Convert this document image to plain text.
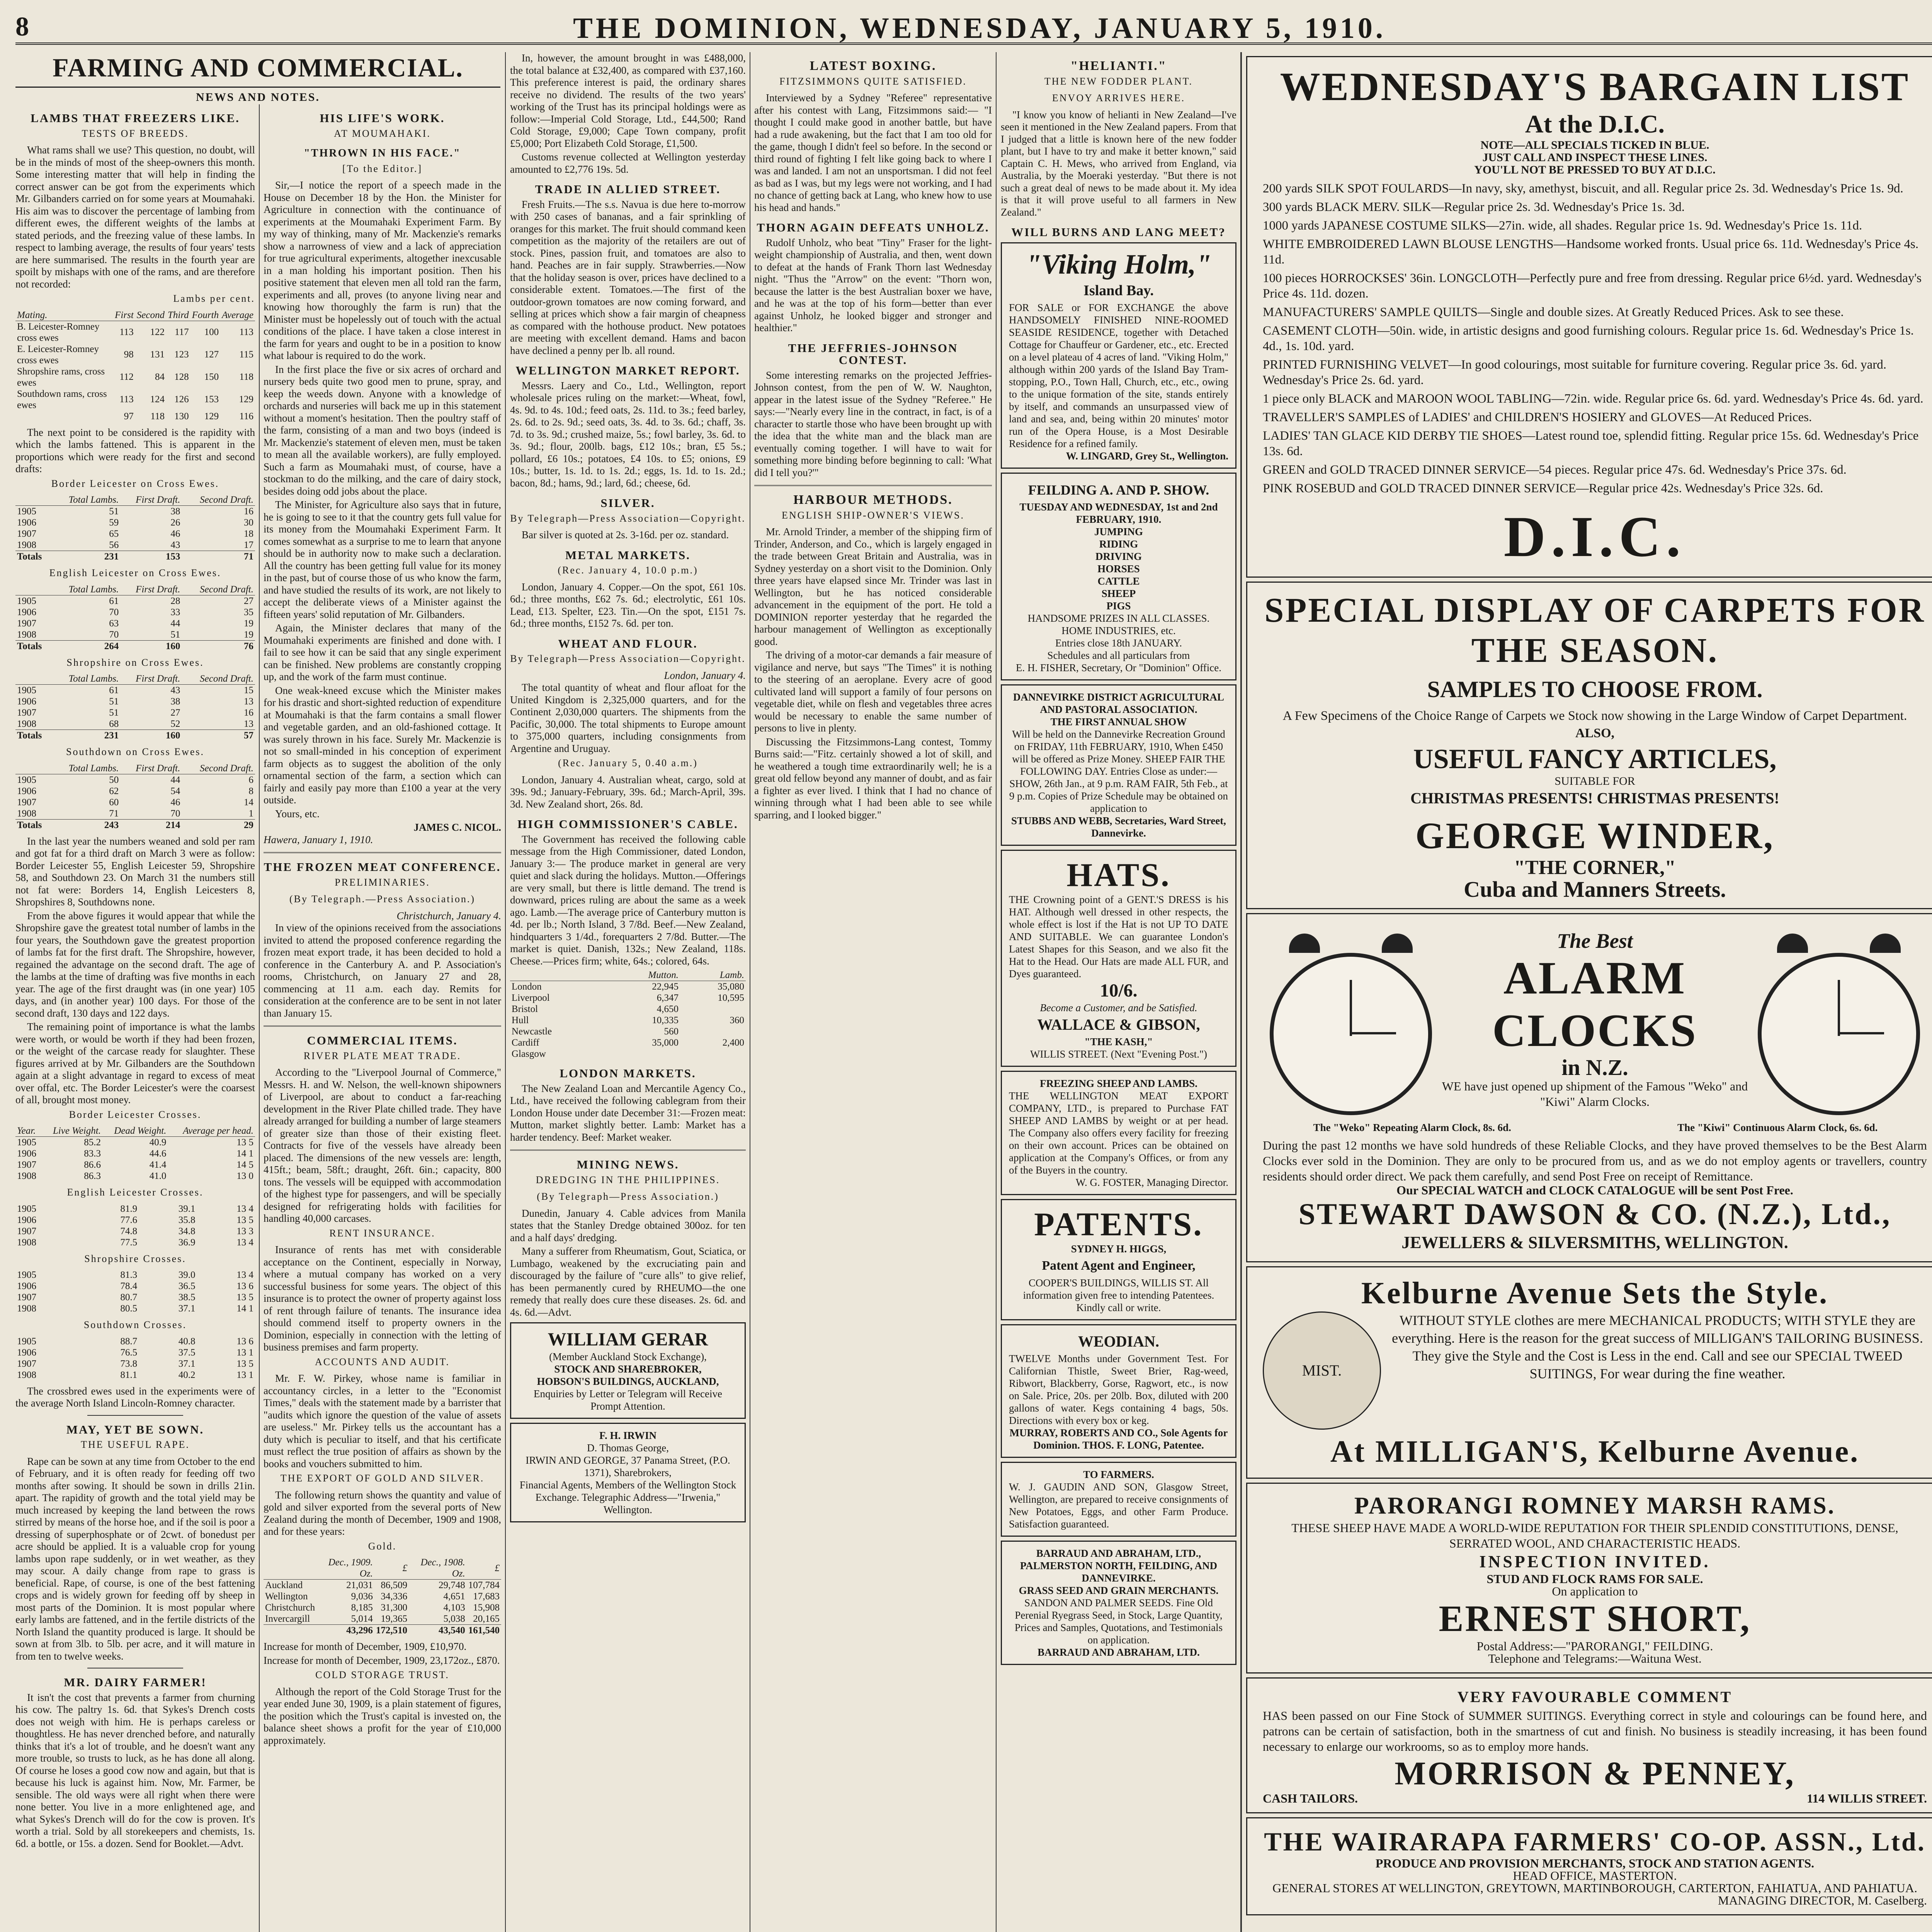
8	THE DOMINION, WEDNESDAY, JANUARY 5, 1910.
FARMING AND COMMERCIAL.
NEWS AND NOTES.
LAMBS THAT FREEZERS LIKE.
TESTS OF BREEDS.

What rams shall we use? This question, no doubt, will be in the minds of most of the sheep-owners this month. Some interesting matter that will help in finding the correct answer can be got from the experiments which Mr. Gilbanders carried on for some years at Moumahaki. His aim was to discover the percentage of lambing from different ewes, the different weights of the lambs at stated periods, and the freezing value of these lambs. In respect to lambing average, the results of four years' tests are here summarised. The results in the fourth year are spoilt by mishaps with one of the rams, and are therefore not recorded:

Lambs per cent.
Mating.	First	Second	Third	Fourth	Average
B. Leicester-Romney cross ewes	113	122	117	100	113
E. Leicester-Romney cross ewes	98	131	123	127	115
Shropshire rams, cross ewes	112	84	128	150	118
Southdown rams, cross ewes	113	124	126	153	129
	97	118	130	129	116

The next point to be considered is the rapidity with which the lambs fattened. This is apparent in the proportions which were ready for the first and second drafts:

Border Leicester on Cross Ewes.
	Total Lambs.	First Draft.	Second Draft.
1905	51	38	16
1906	59	26	30
1907	65	46	18
1908	56	43	17
Totals	231	153	71
English Leicester on Cross Ewes.
	Total Lambs.	First Draft.	Second Draft.
1905	61	28	27
1906	70	33	35
1907	63	44	19
1908	70	51	19
Totals	264	160	76
Shropshire on Cross Ewes.
	Total Lambs.	First Draft.	Second Draft.
1905	61	43	15
1906	51	38	13
1907	51	27	16
1908	68	52	13
Totals	231	160	57
Southdown on Cross Ewes.
	Total Lambs.	First Draft.	Second Draft.
1905	50	44	6
1906	62	54	8
1907	60	46	14
1908	71	70	1
Totals	243	214	29

In the last year the numbers weaned and sold per ram and got fat for a third draft on March 3 were as follow: Border Leicester 55, English Leicester 59, Shropshire 58, and Southdown 23. On March 31 the numbers still not fat were: Borders 14, English Leicesters 8, Shropshires 8, Southdowns none.

From the above figures it would appear that while the Shropshire gave the greatest total number of lambs in the four years, the Southdown gave the greatest proportion of lambs fat for the first draft. The Shropshire, however, regained the advantage on the second draft. The age of the lambs at the time of drafting was five months in each year. The age of the first draught was (in one year) 105 days, and (in another year) 100 days. For those of the second draft, 130 days and 122 days.

The remaining point of importance is what the lambs were worth, or would be worth if they had been frozen, or the weight of the carcase ready for slaughter. These figures arrived at by Mr. Gilbanders are the Southdown again at a slight advantage in regard to excess of meat over offal, etc. The Border Leicester's were the coarsest of all, brought most money.

Border Leicester Crosses.
Year.	Live Weight.	Dead Weight.	Average per head.
1905	85.2	40.9	13 5
1906	83.3	44.6	14 1
1907	86.6	41.4	14 5
1908	86.3	41.0	13 0
English Leicester Crosses.

1905	81.9	39.1	13 4
1906	77.6	35.8	13 5
1907	74.8	34.8	13 3
1908	77.5	36.9	13 4
Shropshire Crosses.

1905	81.3	39.0	13 4
1906	78.4	36.5	13 6
1907	80.7	38.5	13 5
1908	80.5	37.1	14 1
Southdown Crosses.

1905	88.7	40.8	13 6
1906	76.5	37.5	13 1
1907	73.8	37.1	13 5
1908	81.1	40.2	13 1

The crossbred ewes used in the experiments were of the average North Island Lincoln-Romney character.

MAY, YET BE SOWN.
THE USEFUL RAPE.

Rape can be sown at any time from October to the end of February, and it is often ready for feeding off two months after sowing. It should be sown in drills 21in. apart. The rapidity of growth and the total yield may be much increased by keeping the land between the rows stirred by means of the horse hoe, and if the soil is poor a dressing of superphosphate or of 2cwt. of bonedust per acre should be applied. It is a valuable crop for young lambs upon rape suddenly, or in wet weather, as they may scour. A daily change from rape to grass is beneficial. Rape, of course, is one of the best fattening crops and is widely grown for feeding off by sheep in most parts of the Dominion. It is most popular where early lambs are fattened, and in the fertile districts of the North Island the quantity produced is large. It should be sown at from 3lb. to 5lb. per acre, and it will mature in from ten to twelve weeks.

MR. DAIRY FARMER!

It isn't the cost that prevents a farmer from churning his cow. The paltry 1s. 6d. that Sykes's Drench costs does not weigh with him. He is perhaps careless or thoughtless. He has never drenched before, and naturally thinks that it's a lot of trouble, and he doesn't want any more trouble, so trusts to luck, as he has done all along. Of course he loses a good cow now and again, but that is because his luck is against him. Now, Mr. Farmer, be sensible. The old ways were all right when there were none better. You live in a more enlightened age, and what Sykes's Drench will do for the cow is proven. It's worth a trial. Sold by all storekeepers and chemists, 1s. 6d. a bottle, or 15s. a dozen. Send for Booklet.—Advt.

HIS LIFE'S WORK.
AT MOUMAHAKI.
"THROWN IN HIS FACE."
[To the Editor.]

Sir,—I notice the report of a speech made in the House on December 18 by the Hon. the Minister for Agriculture in connection with the continuance of experiments at the Moumahaki Experiment Farm. By my way of thinking, many of Mr. Mackenzie's remarks show a narrowness of view and a lack of appreciation for true agricultural experiments, altogether inexcusable in a man holding his important position. Then his positive statement that eleven men all told ran the farm, experiments and all, proves (to anyone living near and knowing how thoroughly the farm is run) that the Minister must be hopelessly out of touch with the actual conditions of the place. I have taken a close interest in the farm for years and ought to be in a position to know what labour is required to do the work.

In the first place the five or six acres of orchard and nursery beds quite two good men to prune, spray, and keep the weeds down. Anyone with a knowledge of orchards and nurseries will back me up in this statement without a moment's hesitation. Then the poultry staff of the farm, consisting of a man and two boys (indeed is Mr. Mackenzie's statement of eleven men, must be taken to mean all the available workers), are fully employed. Such a farm as Moumahaki must, of course, have a stockman to do the milking, and the care of dairy stock, besides doing odd jobs about the place.

The Minister, for Agriculture also says that in future, he is going to see to it that the country gets full value for its money from the Moumahaki Experiment Farm. It comes somewhat as a surprise to me to learn that anyone should be in authority now to make such a declaration. All the country has been getting full value for its money in the past, but of course those of us who know the farm, and have studied the results of its work, are not likely to accept the deliberate views of a Minister against the fifteen years' solid reputation of Mr. Gilbanders.

Again, the Minister declares that many of the Moumahaki experiments are finished and done with. I fail to see how it can be said that any single experiment can be finished. New problems are constantly cropping up, and the work of the farm must continue.

One weak-kneed excuse which the Minister makes for his drastic and short-sighted reduction of expenditure at Moumahaki is that the farm contains a small flower and vegetable garden, and an old-fashioned cottage. It was surely thrown in his face. Surely Mr. Mackenzie is not so small-minded in his conception of experiment farm objects as to suggest the abolition of the only ornamental section of the farm, a section which can fairly and easily pay more than £100 a year at the very outside.

Yours, etc.

JAMES C. NICOL.
Hawera, January 1, 1910.
THE FROZEN MEAT CONFERENCE.
PRELIMINARIES.
(By Telegraph.—Press Association.)
Christchurch, January 4.

In view of the opinions received from the associations invited to attend the proposed conference regarding the frozen meat export trade, it has been decided to hold a conference in the Canterbury A. and P. Association's rooms, Christchurch, on January 27 and 28, commencing at 11 a.m. each day. Remits for consideration at the conference are to be sent in not later than January 15.

COMMERCIAL ITEMS.
RIVER PLATE MEAT TRADE.

According to the "Liverpool Journal of Commerce," Messrs. H. and W. Nelson, the well-known shipowners of Liverpool, are about to conduct a far-reaching development in the River Plate chilled trade. They have already arranged for building a number of large steamers of greater size than those of their existing fleet. Contracts for five of the vessels have already been placed. The dimensions of the new vessels are: length, 415ft.; beam, 58ft.; draught, 26ft. 6in.; capacity, 800 tons. The vessels will be equipped with accommodation of the highest type for passengers, and will be specially designed for refrigerating holds with facilities for handling 40,000 carcases.

RENT INSURANCE.

Insurance of rents has met with considerable acceptance on the Continent, especially in Norway, where a mutual company has worked on a very successful business for some years. The object of this insurance is to protect the owner of property against loss of rent through failure of tenants. The insurance idea should commend itself to property owners in the Dominion, especially in connection with the letting of business premises and farm property.

ACCOUNTS AND AUDIT.

Mr. F. W. Pirkey, whose name is familiar in accountancy circles, in a letter to the "Economist Times," deals with the statement made by a barrister that "audits which ignore the question of the value of assets are useless." Mr. Pirkey tells us the accountant has a duty which is peculiar to itself, and that his certificate must reflect the true position of affairs as shown by the books and vouchers submitted to him.

THE EXPORT OF GOLD AND SILVER.

The following return shows the quantity and value of gold and silver exported from the several ports of New Zealand during the month of December, 1909 and 1908, and for these years:

Gold.
	Dec., 1909. Oz.	£	Dec., 1908. Oz.	£
Auckland	21,031	86,509	29,748	107,784
Wellington	9,036	34,336	4,651	17,683
Christchurch	8,185	31,300	4,103	15,908
Invercargill	5,014	19,365	5,038	20,165
	43,296	172,510	43,540	161,540

Increase for month of December, 1909, £10,970.

Increase for month of December, 1909, 23,172oz., £870.

COLD STORAGE TRUST.

Although the report of the Cold Storage Trust for the year ended June 30, 1909, is a plain statement of figures, the position which the Trust's capital is invested on, the balance sheet shows a profit for the year of £10,000 approximately.

In, however, the amount brought in was £488,000, the total balance at £32,400, as compared with £37,160. This preference interest is paid, the ordinary shares receive no dividend. The results of the two years' working of the Trust has its principal holdings were as follow:—Imperial Cold Storage, Ltd., £44,500; Rand Cold Storage, £9,000; Cape Town company, profit £5,000; Port Elizabeth Cold Storage, £1,500.

Customs revenue collected at Wellington yesterday amounted to £2,776 19s. 5d.

TRADE IN ALLIED STREET.

Fresh Fruits.—The s.s. Navua is due here to-morrow with 250 cases of bananas, and a fair sprinkling of oranges for this market. The fruit should command keen competition as the majority of the retailers are out of stock. Pines, passion fruit, and tomatoes are also to hand. Peaches are in fair supply. Strawberries.—Now that the holiday season is over, prices have declined to a considerable extent. Tomatoes.—The first of the outdoor-grown tomatoes are now coming forward, and selling at prices which show a fair margin of cheapness as compared with the hothouse product. New potatoes are meeting with excellent demand. Hams and bacon have declined a penny per lb. all round.

WELLINGTON MARKET REPORT.

Messrs. Laery and Co., Ltd., Wellington, report wholesale prices ruling on the market:—Wheat, fowl, 4s. 9d. to 4s. 10d.; feed oats, 2s. 11d. to 3s.; feed barley, 2s. 6d. to 2s. 9d.; seed oats, 3s. 4d. to 3s. 6d.; chaff, 3s. 7d. to 3s. 9d.; crushed maize, 5s.; fowl barley, 3s. 6d. to 3s. 9d.; flour, 200lb. bags, £12 10s.; bran, £5 5s.; pollard, £6 10s.; potatoes, £4 10s. to £5; onions, £9 10s.; butter, 1s. 1d. to 1s. 2d.; eggs, 1s. 1d. to 1s. 2d.; bacon, 8d.; hams, 9d.; lard, 6d.; cheese, 6d.

SILVER.
By Telegraph—Press Association—Copyright.

Bar silver is quoted at 2s. 3-16d. per oz. standard.

METAL MARKETS.
(Rec. January 4, 10.0 p.m.)

London, January 4. Copper.—On the spot, £61 10s. 6d.; three months, £62 7s. 6d.; electrolytic, £61 10s. Lead, £13. Spelter, £23. Tin.—On the spot, £151 7s. 6d.; three months, £152 7s. 6d. per ton.

WHEAT AND FLOUR.
By Telegraph—Press Association—Copyright.
London, January 4.

The total quantity of wheat and flour afloat for the United Kingdom is 2,325,000 quarters, and for the Continent 2,030,000 quarters. The shipments from the Pacific, 30,000. The total shipments to Europe amount to 375,000 quarters, including consignments from Argentine and Uruguay.

(Rec. January 5, 0.40 a.m.)

London, January 4. Australian wheat, cargo, sold at 39s. 9d.; January-February, 39s. 6d.; March-April, 39s. 3d. New Zealand short, 26s. 8d.

HIGH COMMISSIONER'S CABLE.

The Government has received the following cable message from the High Commissioner, dated London, January 3:— The produce market in general are very quiet and slack during the holidays. Mutton.—Offerings are very small, but there is little demand. The trend is downward, prices ruling are about the same as a week ago. Lamb.—The average price of Canterbury mutton is 4d. per lb.; North Island, 3 7/8d. Beef.—New Zealand, hindquarters 3 1/4d., forequarters 2 7/8d. Butter.—The market is quiet. Danish, 132s.; New Zealand, 118s. Cheese.—Prices firm; white, 64s.; colored, 64s.

	Mutton.	Lamb.
London	22,945	35,080
Liverpool	6,347	10,595
Bristol	4,650	
Hull	10,335	360
Newcastle	560	
Cardiff	35,000	2,400
Glasgow		
LONDON MARKETS.

The New Zealand Loan and Mercantile Agency Co., Ltd., have received the following cablegram from their London House under date December 31:—Frozen meat: Mutton, market slightly better. Lamb: Market has a harder tendency. Beef: Market weaker.

MINING NEWS.
DREDGING IN THE PHILIPPINES.
(By Telegraph—Press Association.)

Dunedin, January 4. Cable advices from Manila states that the Stanley Dredge obtained 300oz. for ten and a half days' dredging.

Many a sufferer from Rheumatism, Gout, Sciatica, or Lumbago, weakened by the excruciating pain and discouraged by the failure of "cure alls" to give relief, has been permanently cured by RHEUMO—the one remedy that really does cure these diseases. 2s. 6d. and 4s. 6d.—Advt.

WILLIAM GERAR
(Member Auckland Stock Exchange),
STOCK AND SHAREBROKER,
HOBSON'S BUILDINGS, AUCKLAND,
Enquiries by Letter or Telegram will Receive Prompt Attention.
F. H. IRWIN
D. Thomas George,
IRWIN AND GEORGE, 37 Panama Street, (P.O. 1371), Sharebrokers,
Financial Agents, Members of the Wellington Stock Exchange. Telegraphic Address—"Irwenia," Wellington.
LATEST BOXING.
FITZSIMMONS QUITE SATISFIED.

Interviewed by a Sydney "Referee" representative after his contest with Lang, Fitzsimmons said:— "I thought I could make good in another battle, but have had a rude awakening, but the fact that I am too old for the game, though I didn't feel so before. In the second or third round of fighting I felt like going back to where I was and landed. I am not an unsportsman. I did not feel as bad as I was, but my legs were not working, and I had no chance of getting back at Lang, who knew how to use his head and hands."

THORN AGAIN DEFEATS UNHOLZ.

Rudolf Unholz, who beat "Tiny" Fraser for the light-weight championship of Australia, and then, went down to defeat at the hands of Frank Thorn last Wednesday night. "Thus the "Arrow" on the event: "Thorn won, because the latter is the best Australian boxer we have, and he was at the top of his form—better than ever against Unholz, he looked bigger and stronger and healthier."

THE JEFFRIES-JOHNSON CONTEST.

Some interesting remarks on the projected Jeffries-Johnson contest, from the pen of W. W. Naughton, appear in the latest issue of the Sydney "Referee." He says:—"Nearly every line in the contract, in fact, is of a character to startle those who have been brought up with the idea that the white man and the black man are eventually coming together. I will have to wait for something more binding before beginning to call: 'What did I tell you?'"

HARBOUR METHODS.
ENGLISH SHIP-OWNER'S VIEWS.

Mr. Arnold Trinder, a member of the shipping firm of Trinder, Anderson, and Co., which is largely engaged in the trade between Great Britain and Australia, was in Sydney yesterday on a short visit to the Dominion. Only three years have elapsed since Mr. Trinder was last in Wellington, but he has noticed considerable advancement in the equipment of the port. He told a DOMINION reporter yesterday that he regarded the harbour management of Wellington as exceptionally good.

The driving of a motor-car demands a fair measure of vigilance and nerve, but says "The Times" it is nothing to the steering of an aeroplane. Every acre of good cultivated land will support a family of four persons on vegetable diet, while on flesh and vegetables three acres would be necessary to enable the same number of persons to live in plenty.

Discussing the Fitzsimmons-Lang contest, Tommy Burns said:—"Fitz. certainly showed a lot of skill, and he weathered a tough time extraordinarily well; he is a great old fellow beyond any manner of doubt, and as fair a fighter as ever lived. I think that I had no chance of winning through what I had been able to see while sparring, and I looked bigger."

"HELIANTI."
THE NEW FODDER PLANT.
ENVOY ARRIVES HERE.

"I know you know of helianti in New Zealand—I've seen it mentioned in the New Zealand papers. From that I judged that a little is known here of the new fodder plant, but I have to try and make it better known," said Captain C. H. Mews, who arrived from England, via Australia, by the Moeraki yesterday. "But there is not such a great deal of news to be made about it. My idea is that it will prove useful to all farmers in New Zealand."

WILL BURNS AND LANG MEET?
"Viking Holm,"
Island Bay.
FOR SALE or FOR EXCHANGE the above HANDSOMELY FINISHED NINE-ROOMED SEASIDE RESIDENCE, together with Detached Cottage for Chauffeur or Gardener, etc., etc. Erected on a level plateau of 4 acres of land. "Viking Holm," although within 200 yards of the Island Bay Tram-stopping, P.O., Town Hall, Church, etc., etc., owing to the unique formation of the site, stands entirely by itself, and commands an unsurpassed view of land and sea, and, being within 20 minutes' motor run of the Opera House, is a Most Desirable Residence for a refined family.
W. LINGARD, Grey St., Wellington.
FEILDING A. AND P. SHOW.
TUESDAY AND WEDNESDAY, 1st and 2nd FEBRUARY, 1910.
JUMPING
RIDING
DRIVING
HORSES
CATTLE
SHEEP
PIGS
HANDSOME PRIZES IN ALL CLASSES.
HOME INDUSTRIES, etc.
Entries close 18th JANUARY.
Schedules and all particulars from
E. H. FISHER, Secretary, Or "Dominion" Office.
DANNEVIRKE DISTRICT AGRICULTURAL AND PASTORAL ASSOCIATION.
THE FIRST ANNUAL SHOW
Will be held on the Dannevirke Recreation Ground on FRIDAY, 11th FEBRUARY, 1910, When £450 will be offered as Prize Money. SHEEP FAIR THE FOLLOWING DAY. Entries Close as under:— SHOW, 26th Jan., at 9 p.m. RAM FAIR, 5th Feb., at 9 p.m. Copies of Prize Schedule may be obtained on application to
STUBBS AND WEBB, Secretaries, Ward Street, Dannevirke.
HATS.
THE Crowning point of a GENT.'S DRESS is his HAT. Although well dressed in other respects, the whole effect is lost if the Hat is not UP TO DATE AND SUITABLE. We can guarantee London's Latest Shapes for this Season, and we also fit the Hat to the Head. Our Hats are made ALL FUR, and Dyes guaranteed.
10/6.
Become a Customer, and be Satisfied.
WALLACE & GIBSON,
"THE KASH,"
WILLIS STREET. (Next "Evening Post.")
FREEZING SHEEP AND LAMBS.
THE WELLINGTON MEAT EXPORT COMPANY, LTD., is prepared to Purchase FAT SHEEP AND LAMBS by weight or at per head. The Company also offers every facility for freezing on their own account. Prices can be obtained on application at the Company's Offices, or from any of the Buyers in the country.
W. G. FOSTER, Managing Director.
PATENTS.
SYDNEY H. HIGGS,
Patent Agent and Engineer,
COOPER'S BUILDINGS, WILLIS ST. All information given free to intending Patentees. Kindly call or write.
WEODIAN.
TWELVE Months under Government Test. For Californian Thistle, Sweet Brier, Rag-weed, Ribwort, Blackberry, Gorse, Ragwort, etc., is now on Sale. Price, 20s. per 20lb. Box, diluted with 200 gallons of water. Kegs containing 4 bags, 50s. Directions with every box or keg.
MURRAY, ROBERTS AND CO., Sole Agents for Dominion. THOS. F. LONG, Patentee.
TO FARMERS.
W. J. GAUDIN AND SON, Glasgow Street, Wellington, are prepared to receive consignments of New Potatoes, Eggs, and other Farm Produce. Satisfaction guaranteed.
BARRAUD AND ABRAHAM, LTD., PALMERSTON NORTH, FEILDING, AND DANNEVIRKE.
GRASS SEED AND GRAIN MERCHANTS.
SANDON AND PALMER SEEDS. Fine Old Perenial Ryegrass Seed, in Stock, Large Quantity, Prices and Samples, Quotations, and Testimonials on application.
BARRAUD AND ABRAHAM, LTD.
WEDNESDAY'S BARGAIN LIST
At the D.I.C.
NOTE—ALL SPECIALS TICKED IN BLUE.
JUST CALL AND INSPECT THESE LINES.
YOU'LL NOT BE PRESSED TO BUY AT D.I.C.
200 yards SILK SPOT FOULARDS—In navy, sky, amethyst, biscuit, and all. Regular price 2s. 3d. Wednesday's Price 1s. 9d.
300 yards BLACK MERV. SILK—Regular price 2s. 3d. Wednesday's Price 1s. 3d.
1000 yards JAPANESE COSTUME SILKS—27in. wide, all shades. Regular price 1s. 9d. Wednesday's Price 1s. 11d.
WHITE EMBROIDERED LAWN BLOUSE LENGTHS—Handsome worked fronts. Usual price 6s. 11d. Wednesday's Price 4s. 11d.
100 pieces HORROCKSES' 36in. LONGCLOTH—Perfectly pure and free from dressing. Regular price 6½d. yard. Wednesday's Price 4s. 11d. dozen.
MANUFACTURERS' SAMPLE QUILTS—Single and double sizes. At Greatly Reduced Prices. Ask to see these.
CASEMENT CLOTH—50in. wide, in artistic designs and good furnishing colours. Regular price 1s. 6d. Wednesday's Price 1s. 4d., 1s. 10d. yard.
PRINTED FURNISHING VELVET—In good colourings, most suitable for furniture covering. Regular price 3s. 6d. yard. Wednesday's Price 2s. 6d. yard.
1 piece only BLACK and MAROON WOOL TABLING—72in. wide. Regular price 6s. 6d. yard. Wednesday's Price 4s. 6d. yard.
TRAVELLER'S SAMPLES of LADIES' and CHILDREN'S HOSIERY and GLOVES—At Reduced Prices.
LADIES' TAN GLACE KID DERBY TIE SHOES—Latest round toe, splendid fitting. Regular price 15s. 6d. Wednesday's Price 13s. 6d.
GREEN and GOLD TRACED DINNER SERVICE—54 pieces. Regular price 47s. 6d. Wednesday's Price 37s. 6d.
PINK ROSEBUD and GOLD TRACED DINNER SERVICE—Regular price 42s. Wednesday's Price 32s. 6d.
D.I.C.
SPECIAL DISPLAY OF CARPETS FOR THE SEASON.
SAMPLES TO CHOOSE FROM.
A Few Specimens of the Choice Range of Carpets we Stock now showing in the Large Window of Carpet Department.
ALSO,
USEFUL FANCY ARTICLES,
SUITABLE FOR
CHRISTMAS PRESENTS! CHRISTMAS PRESENTS!
GEORGE WINDER,
"THE CORNER,"
Cuba and Manners Streets.
The Best
ALARM CLOCKS
in N.Z.
WE have just opened up shipment of the Famous "Weko" and "Kiwi" Alarm Clocks.
The "Weko" Repeating Alarm Clock, 8s. 6d.	The "Kiwi" Continuous Alarm Clock, 6s. 6d.
During the past 12 months we have sold hundreds of these Reliable Clocks, and they have proved themselves to be the Best Alarm Clocks ever sold in the Dominion. They are only to be procured from us, and as we do not employ agents or travellers, country residents should order direct. We pack them carefully, and send Post Free on receipt of Remittance.
Our SPECIAL WATCH and CLOCK CATALOGUE will be sent Post Free.
STEWART DAWSON & CO. (N.Z.), Ltd.,
JEWELLERS & SILVERSMITHS, WELLINGTON.
Kelburne Avenue Sets the Style.
MIST.
WITHOUT STYLE clothes are mere MECHANICAL PRODUCTS; WITH STYLE they are everything. Here is the reason for the great success of MILLIGAN'S TAILORING BUSINESS. They give the Style and the Cost is Less in the end. Call and see our SPECIAL TWEED SUITINGS, For wear during the fine weather.
At MILLIGAN'S, Kelburne Avenue.
PARORANGI ROMNEY MARSH RAMS.
THESE SHEEP HAVE MADE A WORLD-WIDE REPUTATION FOR THEIR SPLENDID CONSTITUTIONS, DENSE, SERRATED WOOL, AND CHARACTERISTIC HEADS.
INSPECTION INVITED.
STUD AND FLOCK RAMS FOR SALE.
On application to
ERNEST SHORT,
Postal Address:—"PARORANGI," FEILDING.
Telephone and Telegrams:—Waituna West.
VERY FAVOURABLE COMMENT
HAS been passed on our Fine Stock of SUMMER SUITINGS. Everything correct in style and colourings can be found here, and patrons can be certain of satisfaction, both in the smartness of cut and finish. No business is steadily increasing, it has been found necessary to enlarge our workrooms, so as to employ more hands.
MORRISON & PENNEY,
CASH TAILORS.	114 WILLIS STREET.
THE WAIRARAPA FARMERS' CO-OP. ASSN., Ltd.
PRODUCE AND PROVISION MERCHANTS, STOCK AND STATION AGENTS.
HEAD OFFICE, MASTERTON.
GENERAL STORES AT WELLINGTON, GREYTOWN, MARTINBOROUGH, CARTERTON, FAHIATUA, AND PAHIATUA.
MANAGING DIRECTOR, M. Caselberg.
